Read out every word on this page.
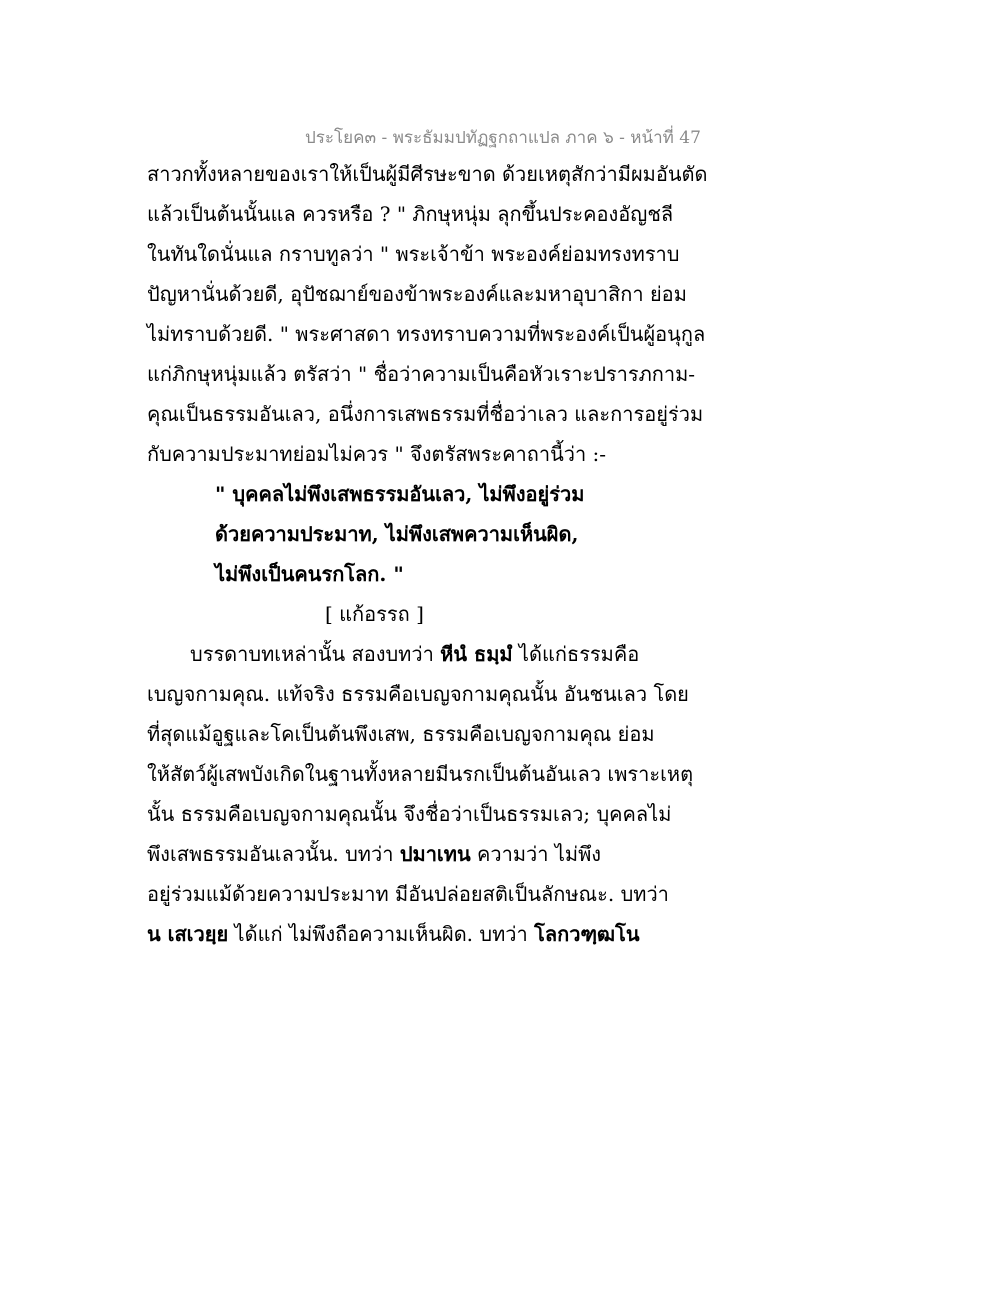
ประโยค๓ - พระธัมมปทัฏฐกถาแปล ภาค ๖ - หน้าที่ 47
สาวกทั้งหลายของเราให้เป็นผู้มีศีรษะขาด ด้วยเหตุสักว่ามีผมอันตัด
แล้วเป็นต้นนั้นแล ควรหรือ ? " ภิกษุหนุ่ม ลุกขึ้นประคองอัญชลี
ในทันใดนั่นแล กราบทูลว่า " พระเจ้าข้า พระองค์ย่อมทรงทราบ
ปัญหานั่นด้วยดี, อุปัชฌาย์ของข้าพระองค์และมหาอุบาสิกา ย่อม
ไม่ทราบด้วยดี. " พระศาสดา ทรงทราบความที่พระองค์เป็นผู้อนุกูล
แก่ภิกษุหนุ่มแล้ว ตรัสว่า " ชื่อว่าความเป็นคือหัวเราะปรารภกาม-
คุณเป็นธรรมอันเลว, อนึ่งการเสพธรรมที่ชื่อว่าเลว และการอยู่ร่วม
กับความประมาทย่อมไม่ควร " จึงตรัสพระคาถานี้ว่า :-
" บุคคลไม่พึงเสพธรรมอันเลว, ไม่พึงอยู่ร่วม
ด้วยความประมาท, ไม่พึงเสพความเห็นผิด,
ไม่พึงเป็นคนรกโลก. "
[ แก้อรรถ ]
บรรดาบทเหล่านั้น สองบทว่า หีนํ ธมฺมํ ได้แก่ธรรมคือ
เบญจกามคุณ. แท้จริง ธรรมคือเบญจกามคุณนั้น อันชนเลว โดย
ที่สุดแม้อูฐและโคเป็นต้นพึงเสพ, ธรรมคือเบญจกามคุณ ย่อม
ให้สัตว์ผู้เสพบังเกิดในฐานทั้งหลายมีนรกเป็นต้นอันเลว เพราะเหตุ
นั้น ธรรมคือเบญจกามคุณนั้น จึงชื่อว่าเป็นธรรมเลว; บุคคลไม่
พึงเสพธรรมอันเลวนั้น. บทว่า ปมาเทน ความว่า ไม่พึง
อยู่ร่วมแม้ด้วยความประมาท มีอันปล่อยสติเป็นลักษณะ. บทว่า
น เสเวยฺย ได้แก่ ไม่พึงถือความเห็นผิด. บทว่า โลกวฑฺฒโน
